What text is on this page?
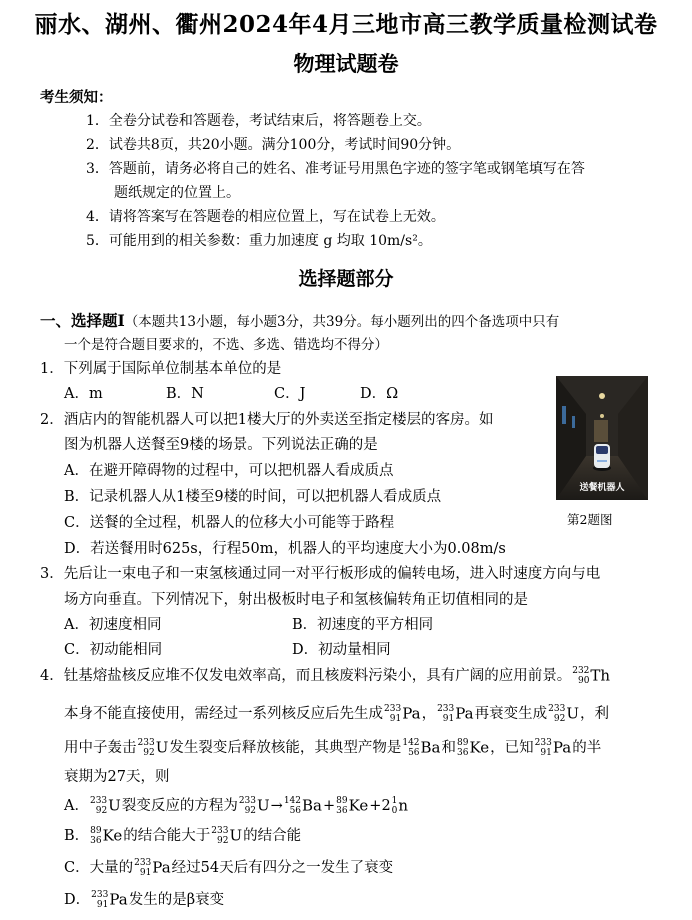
丽水、湖州、衢州2024年4月三地市高三教学质量检测试卷
物理试题卷
考生须知：
1．全卷分试卷和答题卷，考试结束后，将答题卷上交。
2．试卷共8页，共20小题。满分100分，考试时间90分钟。
3．答题前，请务必将自己的姓名、准考证号用黑色字迹的签字笔或钢笔填写在答
题纸规定的位置上。
4．请将答案写在答题卷的相应位置上，写在试卷上无效。
5．可能用到的相关参数：重力加速度 g 均取 10m/s²。
选择题部分
一、选择题Ⅰ（本题共13小题，每小题3分，共39分。每小题列出的四个备选项中只有
一个是符合题目要求的，不选、多选、错选均不得分）
1．下列属于国际单位制基本单位的是
A．m	B．N	C．J	D．Ω
2．酒店内的智能机器人可以把1楼大厅的外卖送至指定楼层的客房。如
图为机器人送餐至9楼的场景。下列说法正确的是
A．在避开障碍物的过程中，可以把机器人看成质点
B．记录机器人从1楼至9楼的时间，可以把机器人看成质点
C．送餐的全过程，机器人的位移大小可能等于路程
D．若送餐用时625s，行程50m，机器人的平均速度大小为0.08m/s
送餐机器人
第2题图
3．先后让一束电子和一束氢核通过同一对平行板形成的偏转电场，进入时速度方向与电
场方向垂直。下列情况下，射出极板时电子和氢核偏转角正切值相同的是
A．初速度相同	B．初速度的平方相同
C．初动能相同	D．初动量相同
4．钍基熔盐核反应堆不仅发电效率高，而且核废料污染小，具有广阔的应用前景。 232
90 Th
本身不能直接使用，需经过一系列核反应后先生成 233
91 Pa， 233
91 Pa再衰变生成 233
92 U，利
用中子轰击 233
92 U发生裂变后释放核能，其典型产物是 142
56 Ba和 89
36 Ke，已知 233
91 Pa的半
衰期为27天，则
A． 233
92 U裂变反应的方程为 233
92 U→ 142
56 Ba+ 89
36 Ke+2 1
0 n
B． 89
36 Ke的结合能大于 233
92 U的结合能
C．大量的 233
91 Pa经过54天后有四分之一发生了衰变
D． 233
91 Pa发生的是β衰变
